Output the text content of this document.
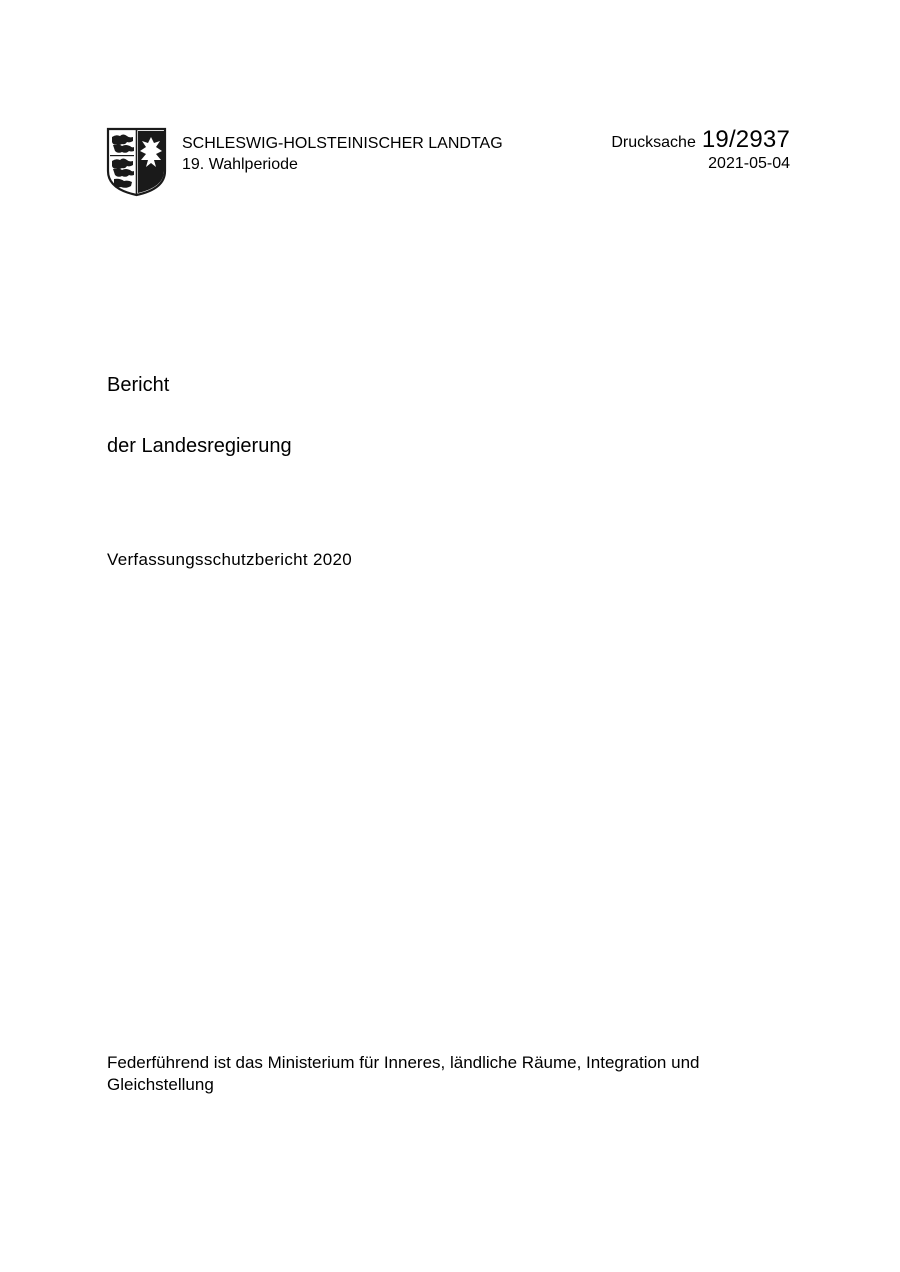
SCHLESWIG-HOLSTEINISCHER LANDTAG
19. Wahlperiode
Drucksache 19/2937
2021-05-04
Bericht
der Landesregierung
Verfassungsschutzbericht 2020
Federführend ist das Ministerium für Inneres, ländliche Räume, Integration und Gleichstellung
